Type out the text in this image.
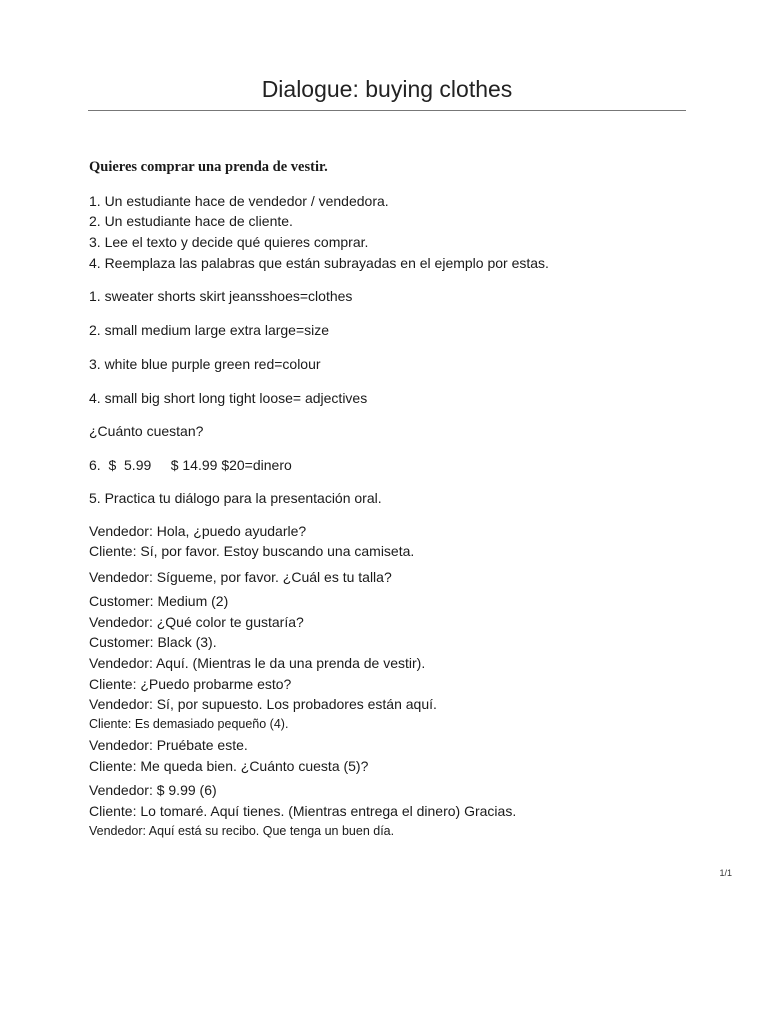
Dialogue: buying clothes
Quieres comprar una prenda de vestir.
1. Un estudiante hace de vendedor / vendedora.
2. Un estudiante hace de cliente.
3. Lee el texto y decide qué quieres comprar.
4. Reemplaza las palabras que están subrayadas en el ejemplo por estas.
1. sweater shorts skirt jeansshoes=clothes
2. small medium large extra large=size
3. white blue purple green red=colour
4. small big short long tight loose= adjectives
¿Cuánto cuestan?
6.  $  5.99     $ 14.99 $20=dinero
5. Practica tu diálogo para la presentación oral.
Vendedor: Hola, ¿puedo ayudarle?
Cliente: Sí, por favor. Estoy buscando una camiseta.
Vendedor: Sígueme, por favor. ¿Cuál es tu talla?
Customer: Medium (2)
Vendedor: ¿Qué color te gustaría?
Customer: Black (3).
Vendedor: Aquí. (Mientras le da una prenda de vestir).
Cliente: ¿Puedo probarme esto?
Vendedor: Sí, por supuesto. Los probadores están aquí.
Cliente: Es demasiado pequeño (4).
Vendedor: Pruébate este.
Cliente: Me queda bien. ¿Cuánto cuesta (5)?
Vendedor: $ 9.99 (6)
Cliente: Lo tomaré. Aquí tienes. (Mientras entrega el dinero) Gracias.
Vendedor: Aquí está su recibo. Que tenga un buen día.
1/1
